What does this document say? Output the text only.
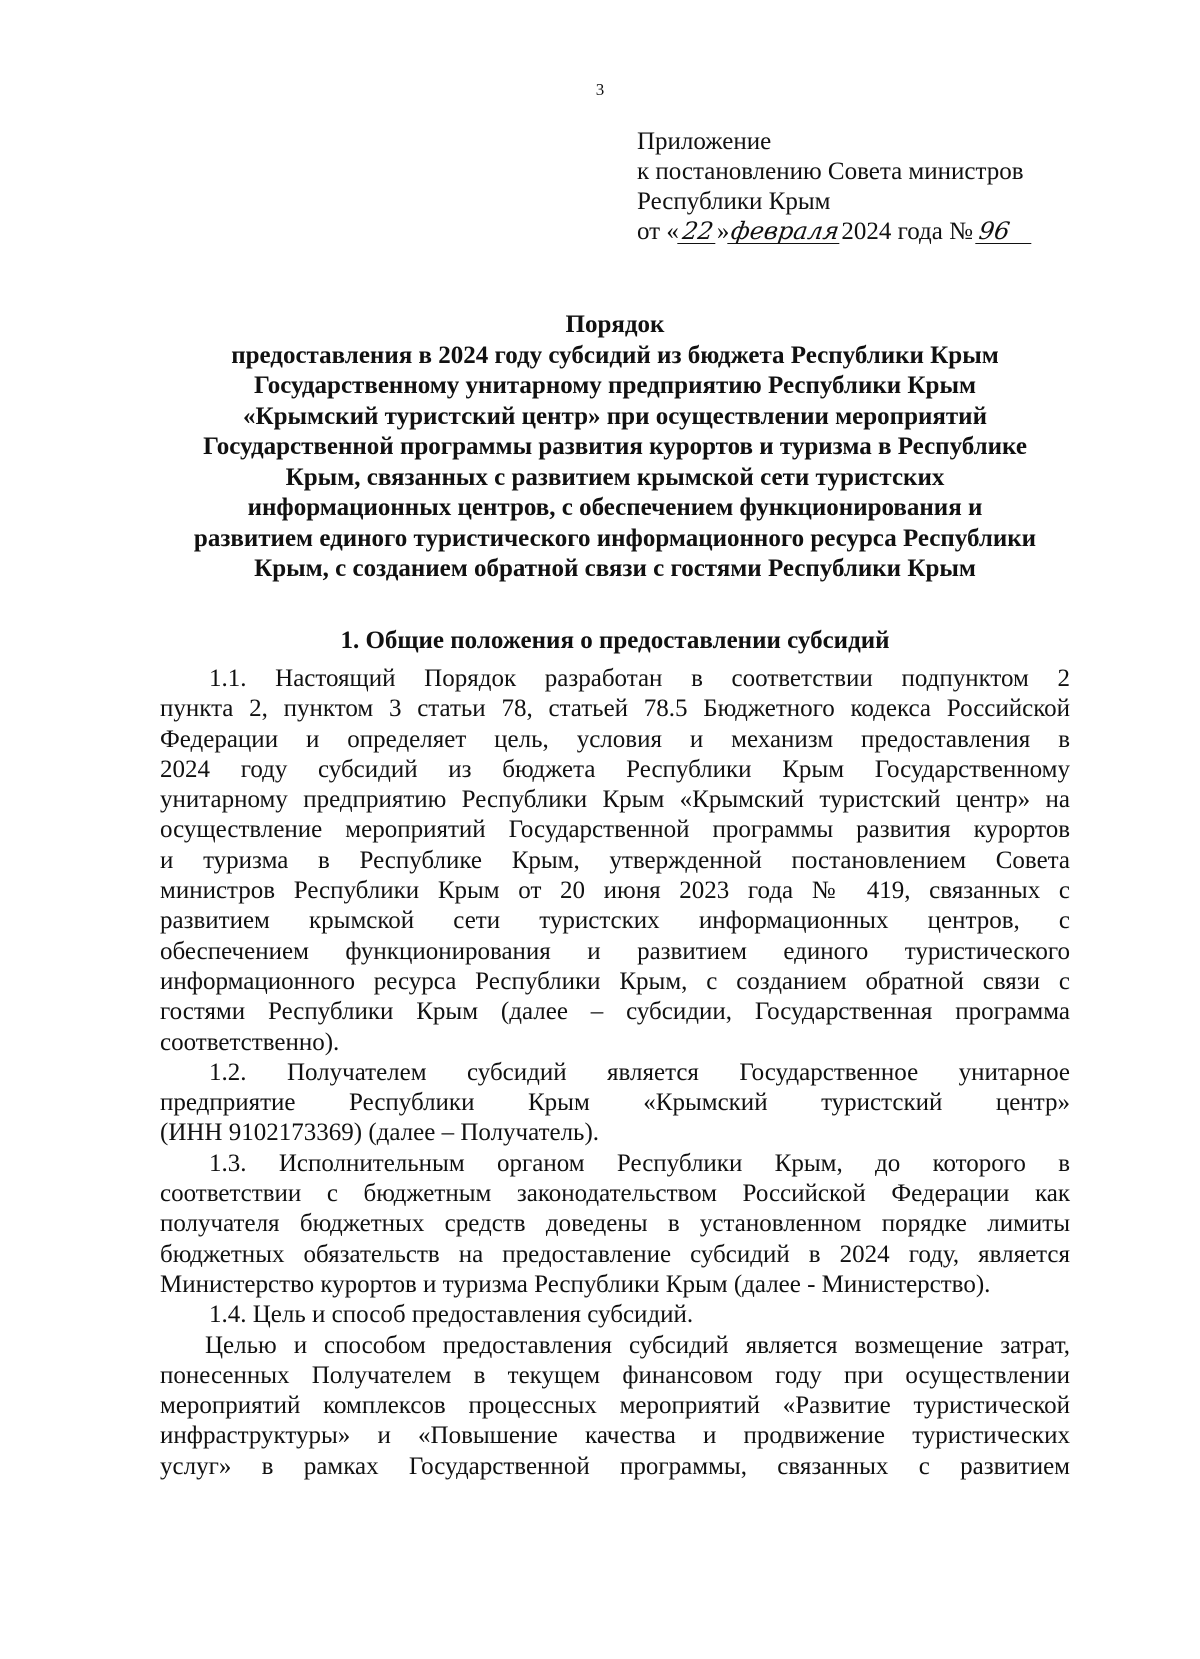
3
Приложение
к постановлению Совета министров
Республики Крым
от «22»февраля2024 года № 96
Порядок
предоставления в 2024 году субсидий из бюджета Республики Крым
Государственному унитарному предприятию Республики Крым
«Крымский туристский центр» при осуществлении мероприятий
Государственной программы развития курортов и туризма в Республике
Крым, связанных с развитием крымской сети туристских
информационных центров, с обеспечением функционирования и
развитием единого туристического информационного ресурса Республики
Крым, с созданием обратной связи с гостями Республики Крым
1. Общие положения о предоставлении субсидий

1.1. Настоящий Порядок разработан в соответствии подпунктом 2
пункта 2, пунктом 3 статьи 78, статьей 78.5 Бюджетного кодекса Российской
Федерации и определяет цель, условия и механизм предоставления в
2024 году субсидий из бюджета Республики Крым Государственному
унитарному предприятию Республики Крым «Крымский туристский центр» на
осуществление мероприятий Государственной программы развития курортов
и туризма в Республике Крым, утвержденной постановлением Совета
министров Республики Крым от 20 июня 2023 года № 419, связанных с
развитием крымской сети туристских информационных центров, с
обеспечением функционирования и развитием единого туристического
информационного ресурса Республики Крым, с созданием обратной связи с
гостями Республики Крым (далее – субсидии, Государственная программа
соответственно).

1.2. Получателем субсидий является Государственное унитарное
предприятие Республики Крым «Крымский туристский центр»
(ИНН 9102173369) (далее – Получатель).

1.3. Исполнительным органом Республики Крым, до которого в
соответствии с бюджетным законодательством Российской Федерации как
получателя бюджетных средств доведены в установленном порядке лимиты
бюджетных обязательств на предоставление субсидий в 2024 году, является
Министерство курортов и туризма Республики Крым (далее - Министерство).

1.4. Цель и способ предоставления субсидий.

Целью и способом предоставления субсидий является возмещение затрат,
понесенных Получателем в текущем финансовом году при осуществлении
мероприятий комплексов процессных мероприятий «Развитие туристической
инфраструктуры» и «Повышение качества и продвижение туристических
услуг» в рамках Государственной программы, связанных с развитием
